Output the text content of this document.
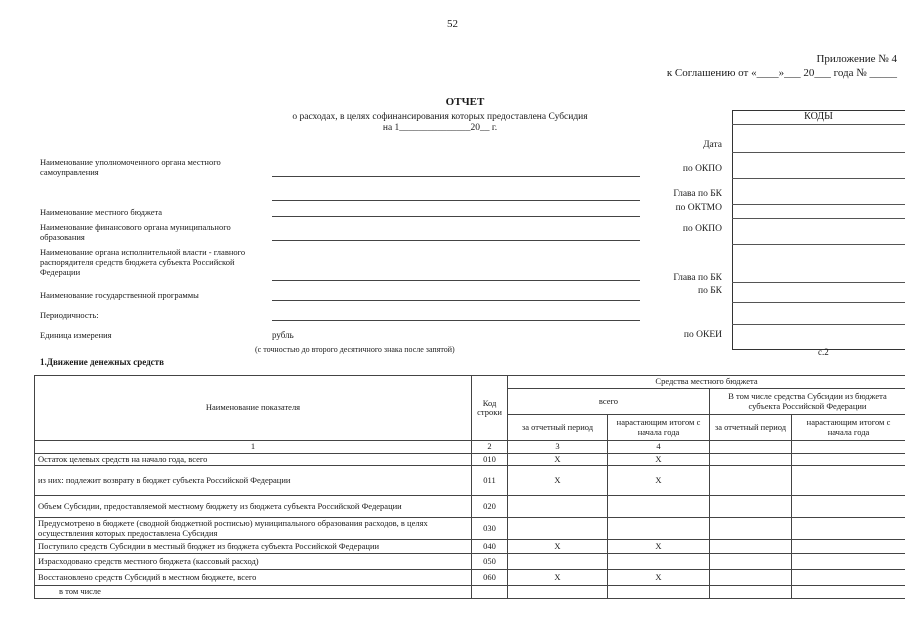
52
Приложение № 4
к Соглашению от «____»___ 20___ года № _____
ОТЧЕТ
о расходах, в целях софинансирования которых предоставлена Субсидия
на 1_______________20__ г.
Наименование уполномоченного органа местного самоуправления
Наименование местного бюджета
Наименование финансового органа муниципального образования
Наименование органа исполнительной власти - главного распорядителя средств бюджета субъекта Российской Федерации
Наименование государственной программы
Периодичность:
Единица измерения	рубль
(с точностью до второго десятичного знака после запятой)
КОДЫ
Дата
по ОКПО
Глава по БК
по ОКТМО
по ОКПО
Глава по БК
по БК
по ОКЕИ
с.2
1.Движение денежных средств
Наименование показателя	Код строки	Средства местного бюджета			
		всего		В том числе средства Субсидии из бюджета субъекта Российской Федерации	
		за отчетный период	нарастающим итогом с начала года	за отчетный период	нарастающим итогом с начала года
1	2	3	4		
Остаток целевых средств на начало года, всего	010	X	X		
из них: подлежит возврату в бюджет субъекта Российской Федерации	011	X	X		
Объем Субсидии, предоставляемой местному бюджету из бюджета субъекта Российской Федерации	020				
Предусмотрено в бюджете (сводной бюджетной росписью) муниципального образования расходов, в целях осуществления которых предоставлена Субсидия	030				
Поступило средств Субсидии в местный бюджет из бюджета субъекта Российской Федерации	040	X	X		
Израсходовано средств местного бюджета (кассовый расход)	050				
Восстановлено средств Субсидий в местном бюджете, всего	060	X	X		
в том числе					
